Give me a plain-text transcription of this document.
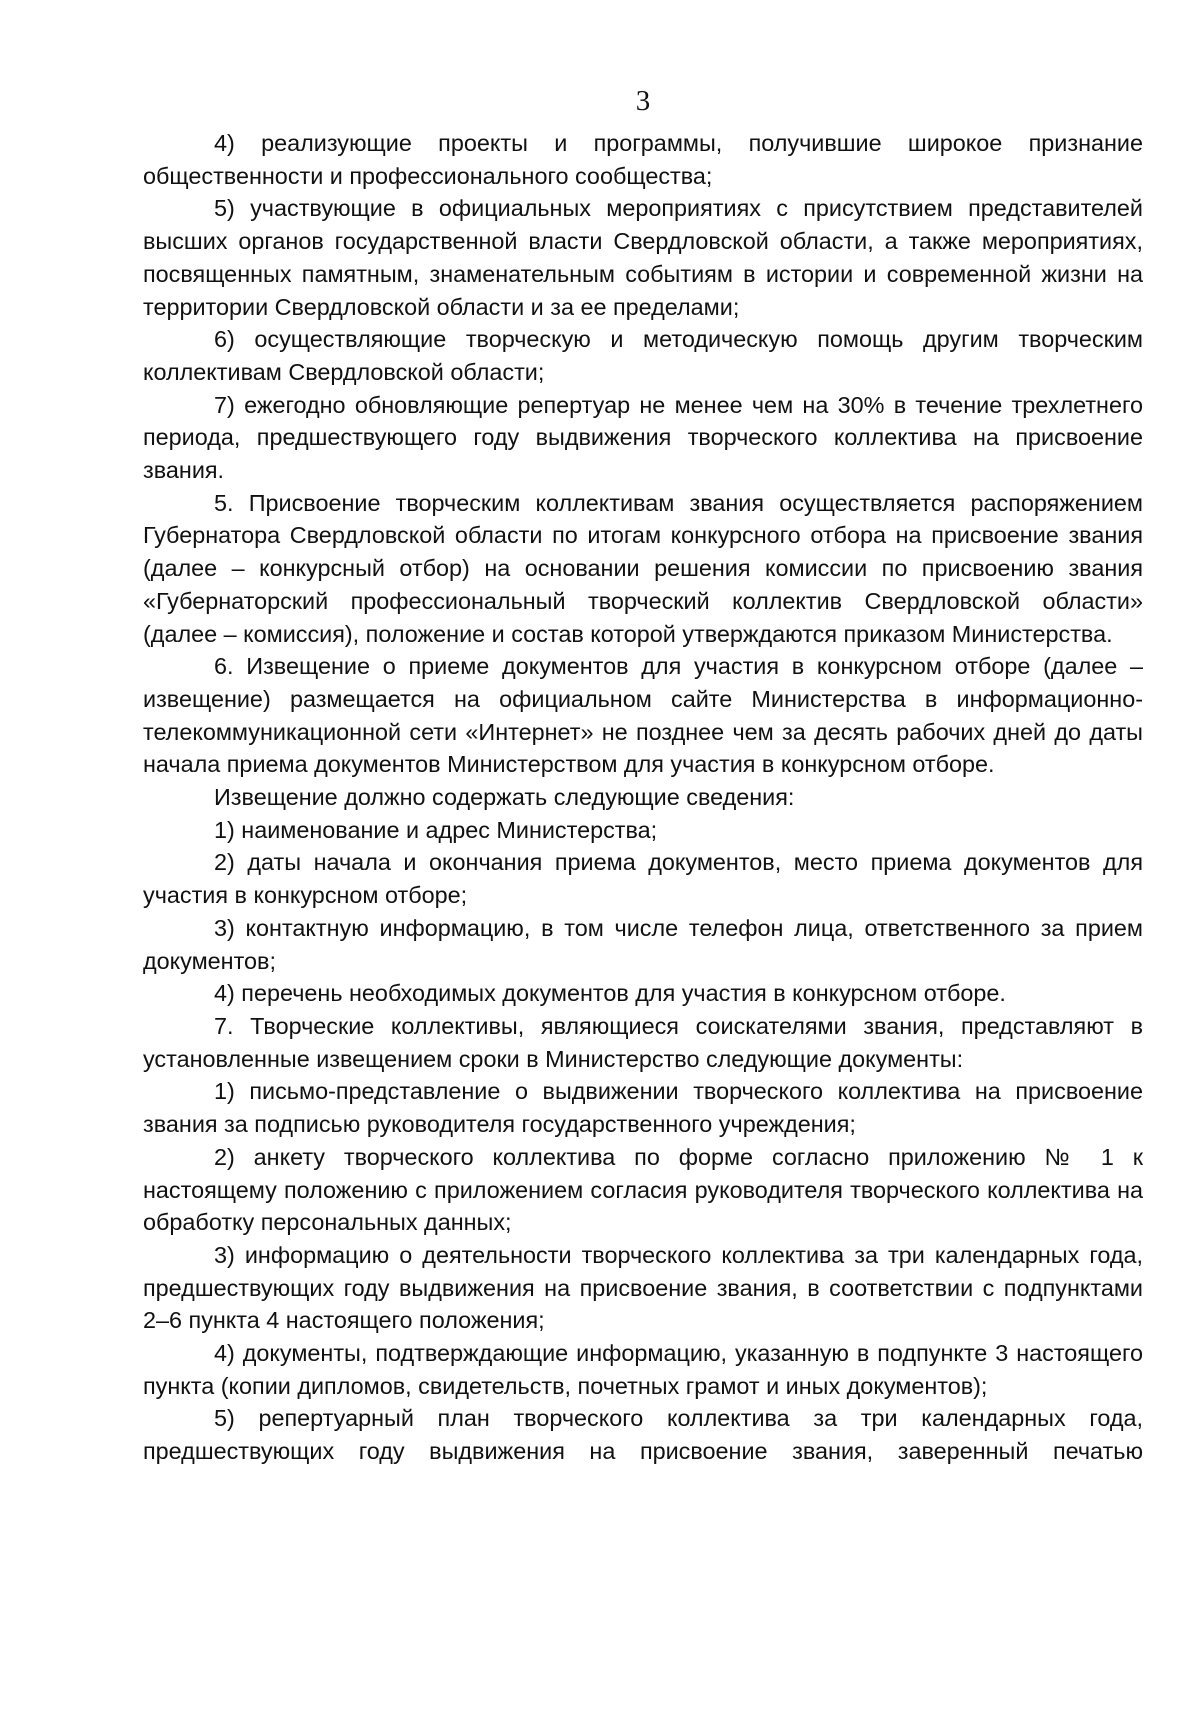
3

4) реализующие проекты и программы, получившие широкое признание общественности и профессионального сообщества;

5) участвующие в официальных мероприятиях с присутствием представителей высших органов государственной власти Свердловской области, а также мероприятиях, посвященных памятным, знаменательным событиям в истории и современной жизни на территории Свердловской области и за ее пределами;

6) осуществляющие творческую и методическую помощь другим творческим коллективам Свердловской области;

7) ежегодно обновляющие репертуар не менее чем на 30% в течение трехлетнего периода, предшествующего году выдвижения творческого коллектива на присвоение звания.

5. Присвоение творческим коллективам звания осуществляется распоряжением Губернатора Свердловской области по итогам конкурсного отбора на присвоение звания (далее – конкурсный отбор) на основании решения комиссии по присвоению звания «Губернаторский профессиональный творческий коллектив Свердловской области» (далее – комиссия), положение и состав которой утверждаются приказом Министерства.

6. Извещение о приеме документов для участия в конкурсном отборе (далее – извещение) размещается на официальном сайте Министерства в информационно-телекоммуникационной сети «Интернет» не позднее чем за десять рабочих дней до даты начала приема документов Министерством для участия в конкурсном отборе.

Извещение должно содержать следующие сведения:

1) наименование и адрес Министерства;

2) даты начала и окончания приема документов, место приема документов для участия в конкурсном отборе;

3) контактную информацию, в том числе телефон лица, ответственного за прием документов;

4) перечень необходимых документов для участия в конкурсном отборе.

7. Творческие коллективы, являющиеся соискателями звания, представляют в установленные извещением сроки в Министерство следующие документы:

1) письмо-представление о выдвижении творческого коллектива на присвоение звания за подписью руководителя государственного учреждения;

2) анкету творческого коллектива по форме согласно приложению № 1 к настоящему положению с приложением согласия руководителя творческого коллектива на обработку персональных данных;

3) информацию о деятельности творческого коллектива за три календарных года, предшествующих году выдвижения на присвоение звания, в соответствии с подпунктами 2–6 пункта 4 настоящего положения;

4) документы, подтверждающие информацию, указанную в подпункте 3 настоящего пункта (копии дипломов, свидетельств, почетных грамот и иных документов);

5) репертуарный план творческого коллектива за три календарных года, предшествующих году выдвижения на присвоение звания, заверенный печатью
